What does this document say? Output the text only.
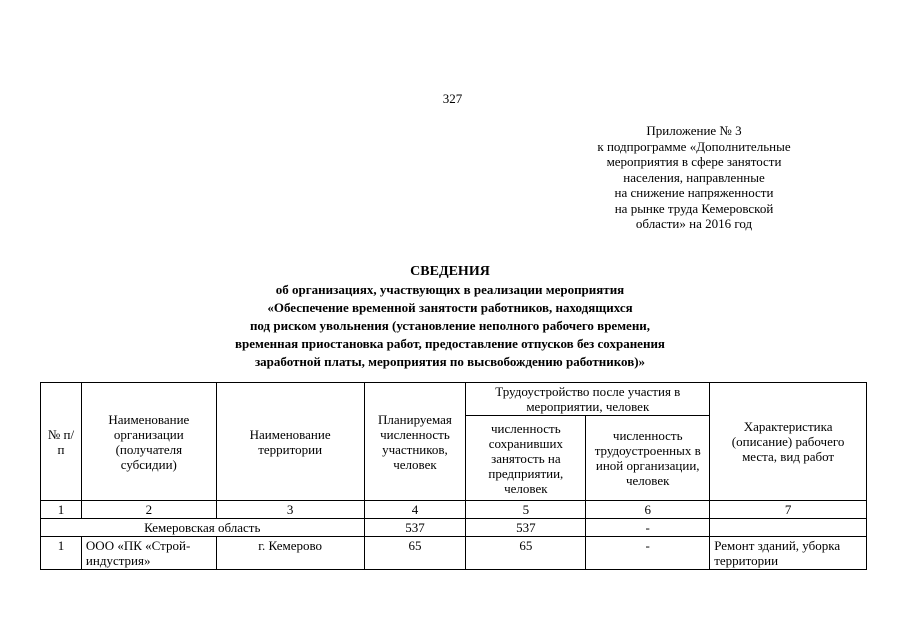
327
Приложение № 3
к подпрограмме «Дополнительные
мероприятия в сфере занятости
населения, направленные
на снижение напряженности
на рынке труда Кемеровской
области» на 2016 год
СВЕДЕНИЯ
об организациях, участвующих в реализации мероприятия
«Обеспечение временной занятости работников, находящихся
под риском увольнения (установление неполного рабочего времени,
временная приостановка работ, предоставление отпусков без сохранения
заработной платы, мероприятия по высвобождению работников)»
№ п/п	Наименование организации (получателя субсидии)	Наименование территории	Планируемая численность участников, человек	Трудоустройство после участия в мероприятии, человек		Характеристика (описание) рабочего места, вид работ

				численность сохранивших занятость на предприятии, человек	численность трудоустроенных в иной организации, человек	

1	2	3	4	5	6	7
Кемеровская область			537	537	-	
1	ООО «ПК «Строй-индустрия»	г. Кемерово	65	65	-	Ремонт зданий, уборка территории
